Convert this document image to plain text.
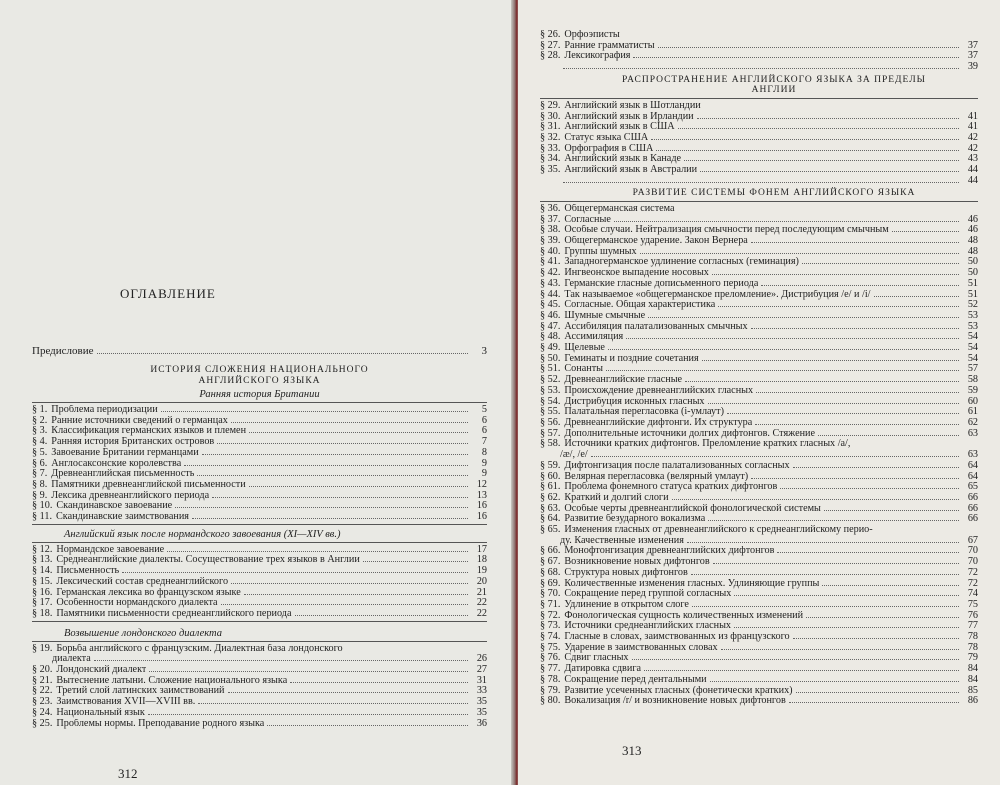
ОГЛАВЛЕНИЕ
Предисловие	3
ИСТОРИЯ СЛОЖЕНИЯ НАЦИОНАЛЬНОГО АНГЛИЙСКОГО ЯЗЫКА
Ранняя история Британии
§ 1. Проблема периодизации	5
§ 2. Ранние источники сведений о германцах	6
§ 3. Классификация германских языков и племен	6
§ 4. Ранняя история Британских островов	7
§ 5. Завоевание Британии германцами	8
§ 6. Англосаксонские королевства	9
§ 7. Древнеанглийская письменность	9
§ 8. Памятники древнеанглийской письменности	12
§ 9. Лексика древнеанглийского периода	13
§ 10. Скандинавское завоевание	16
§ 11. Скандинавские заимствования	16
Английский язык после нормандского завоевания (XI—XIV вв.)
§ 12. Нормандское завоевание	17
§ 13. Среднеанглийские диалекты. Сосуществование трех языков в Англии	18
§ 14. Письменность	19
§ 15. Лексический состав среднеанглийского	20
§ 16. Германская лексика во французском языке	21
§ 17. Особенности нормандского диалекта	22
§ 18. Памятники письменности среднеанглийского периода	22
Возвышение лондонского диалекта
§ 19. Борьба английского с французским. Диалектная база лондонского
диалекта	26
§ 20. Лондонский диалект	27
§ 21. Вытеснение латыни. Сложение национального языка	31
§ 22. Третий слой латинских заимствований	33
§ 23. Заимствования XVII—XVIII вв.	35
§ 24. Национальный язык	35
§ 25. Проблемы нормы. Преподавание родного языка	36
312
§ 26. Орфоэписты
§ 27. Ранние грамматисты	37
§ 28. Лексикография	37
39
РАСПРОСТРАНЕНИЕ АНГЛИЙСКОГО ЯЗЫКА ЗА ПРЕДЕЛЫ АНГЛИИ
§ 29. Английский язык в Шотландии
§ 30. Английский язык в Ирландии	41
§ 31. Английский язык в США	41
§ 32. Статус языка США	42
§ 33. Орфография в США	42
§ 34. Английский язык в Канаде	43
§ 35. Английский язык в Австралии	44
44
РАЗВИТИЕ СИСТЕМЫ ФОНЕМ АНГЛИЙСКОГО ЯЗЫКА
§ 36. Общегерманская система
§ 37. Согласные	46
§ 38. Особые случаи. Нейтрализация смычности перед последующим смычным	46
§ 39. Общегерманское ударение. Закон Вернера	48
§ 40. Группы шумных	48
§ 41. Западногерманское удлинение согласных (геминация)	50
§ 42. Ингвеонское выпадение носовых	50
§ 43. Германские гласные дописьменного периода	51
§ 44. Так называемое «общегерманское преломление». Дистрибуция /e/ и /i/	51
§ 45. Согласные. Общая характеристика	52
§ 46. Шумные смычные	53
§ 47. Ассибиляция палатализованных смычных	53
§ 48. Ассимиляция	54
§ 49. Щелевые	54
§ 50. Геминаты и поздние сочетания	54
§ 51. Сонанты	57
§ 52. Древнеанглийские гласные	58
§ 53. Происхождение древнеанглийских гласных	59
§ 54. Дистрибуция исконных гласных	60
§ 55. Палатальная перегласовка (i-умлаут)	61
§ 56. Древнеанглийские дифтонги. Их структура	62
§ 57. Дополнительные источники долгих дифтонгов. Стяжение	63
§ 58. Источники кратких дифтонгов. Преломление кратких гласных /a/,
/æ/, /e/	63
§ 59. Дифтонгизация после палатализованных согласных	64
§ 60. Велярная перегласовка (велярный умлаут)	64
§ 61. Проблема фонемного статуса кратких дифтонгов	65
§ 62. Краткий и долгий слоги	66
§ 63. Особые черты древнеанглийской фонологической системы	66
§ 64. Развитие безударного вокализма	66
§ 65. Изменения гласных от древнеанглийского к среднеанглийскому перио-
ду. Качественные изменения	67
§ 66. Монофтонгизация древнеанглийских дифтонгов	70
§ 67. Возникновение новых дифтонгов	70
§ 68. Структура новых дифтонгов	72
§ 69. Количественные изменения гласных. Удлиняющие группы	72
§ 70. Сокращение перед группой согласных	74
§ 71. Удлинение в открытом слоге	75
§ 72. Фонологическая сущность количественных изменений	76
§ 73. Источники среднеанглийских гласных	77
§ 74. Гласные в словах, заимствованных из французского	78
§ 75. Ударение в заимствованных словах	78
§ 76. Сдвиг гласных	79
§ 77. Датировка сдвига	84
§ 78. Сокращение перед дентальными	84
§ 79. Развитие усеченных гласных (фонетически кратких)	85
§ 80. Вокализация /r/ и возникновение новых дифтонгов	86
313
